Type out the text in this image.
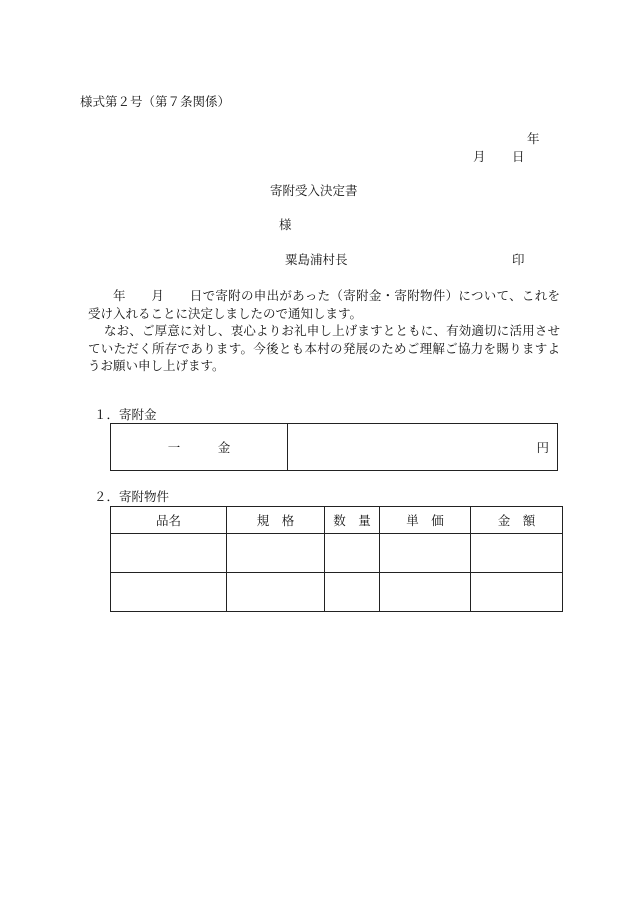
様式第２号（第７条関係）
年
月 日
寄附受入決定書
様
粟島浦村長	印

年　　月　　日で寄附の申出があった（寄附金・寄附物件）について、これを受け入れることに決定しましたので通知します。

なお、ご厚意に対し、衷心よりお礼申し上げますとともに、有効適切に活用させていただく所存であります。今後とも本村の発展のためご理解ご協力を賜りますようお願い申し上げます。

１．寄附金
一　　　金	円
２．寄附物件
品名	規　格	数　量	単　価	金　額
